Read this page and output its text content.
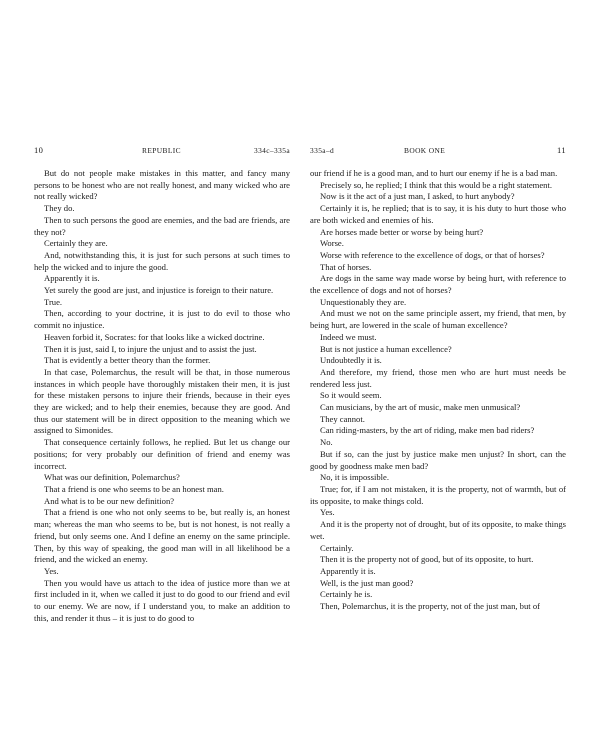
10	REPUBLIC	334c–335a

But do not people make mistakes in this matter, and fancy many persons to be honest who are not really honest, and many wicked who are not really wicked?

They do.

Then to such persons the good are enemies, and the bad are friends, are they not?

Certainly they are.

And, notwithstanding this, it is just for such persons at such times to help the wicked and to injure the good.

Apparently it is.

Yet surely the good are just, and injustice is foreign to their nature.

True.

Then, according to your doctrine, it is just to do evil to those who commit no injustice.

Heaven forbid it, Socrates: for that looks like a wicked doctrine.

Then it is just, said I, to injure the unjust and to assist the just.

That is evidently a better theory than the former.

In that case, Polemarchus, the result will be that, in those numerous instances in which people have thoroughly mistaken their men, it is just for these mistaken persons to injure their friends, because in their eyes they are wicked; and to help their enemies, because they are good. And thus our statement will be in direct opposition to the meaning which we assigned to Simonides.

That consequence certainly follows, he replied. But let us change our positions; for very probably our definition of friend and enemy was incorrect.

What was our definition, Polemarchus?

That a friend is one who seems to be an honest man.

And what is to be our new definition?

That a friend is one who not only seems to be, but really is, an honest man; whereas the man who seems to be, but is not honest, is not really a friend, but only seems one. And I define an enemy on the same principle. Then, by this way of speaking, the good man will in all likelihood be a friend, and the wicked an enemy.

Yes.

Then you would have us attach to the idea of justice more than we at first included in it, when we called it just to do good to our friend and evil to our enemy. We are now, if I understand you, to make an addition to this, and render it thus – it is just to do good to

335a–d	BOOK ONE	11

our friend if he is a good man, and to hurt our enemy if he is a bad man.

Precisely so, he replied; I think that this would be a right statement.

Now is it the act of a just man, I asked, to hurt anybody?

Certainly it is, he replied; that is to say, it is his duty to hurt those who are both wicked and enemies of his.

Are horses made better or worse by being hurt?

Worse.

Worse with reference to the excellence of dogs, or that of horses?

That of horses.

Are dogs in the same way made worse by being hurt, with reference to the excellence of dogs and not of horses?

Unquestionably they are.

And must we not on the same principle assert, my friend, that men, by being hurt, are lowered in the scale of human excellence?

Indeed we must.

But is not justice a human excellence?

Undoubtedly it is.

And therefore, my friend, those men who are hurt must needs be rendered less just.

So it would seem.

Can musicians, by the art of music, make men unmusical?

They cannot.

Can riding-masters, by the art of riding, make men bad riders?

No.

But if so, can the just by justice make men unjust? In short, can the good by goodness make men bad?

No, it is impossible.

True; for, if I am not mistaken, it is the property, not of warmth, but of its opposite, to make things cold.

Yes.

And it is the property not of drought, but of its opposite, to make things wet.

Certainly.

Then it is the property not of good, but of its opposite, to hurt.

Apparently it is.

Well, is the just man good?

Certainly he is.

Then, Polemarchus, it is the property, not of the just man, but of
